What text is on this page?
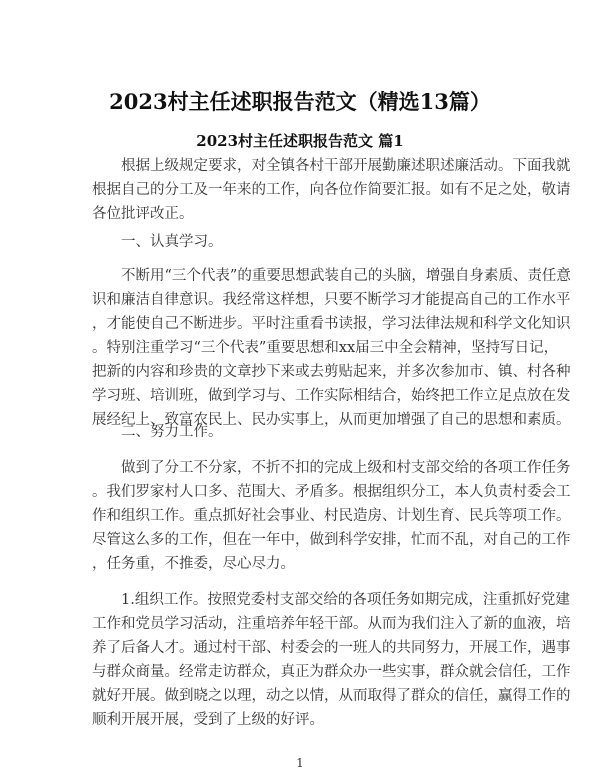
2023村主任述职报告范文（精选13篇）
2023村主任述职报告范文 篇1
根据上级规定要求，对全镇各村干部开展勤廉述职述廉活动。下面我就
根据自己的分工及一年来的工作，向各位作简要汇报。如有不足之处，敬请
各位批评改正。
一、认真学习。
不断用“三个代表”的重要思想武装自己的头脑，增强自身素质、责任意
识和廉洁自律意识。我经常这样想，只要不断学习才能提高自己的工作水平
，才能使自己不断进步。平时注重看书读报，学习法律法规和科学文化知识
。特别注重学习“三个代表”重要思想和xx届三中全会精神，坚持写日记，
把新的内容和珍贵的文章抄下来或去剪贴起来，并多次参加市、镇、村各种
学习班、培训班，做到学习与、工作实际相结合，始终把工作立足点放在发
展经纪上、致富农民上、民办实事上，从而更加增强了自己的思想和素质。
二、努力工作。
做到了分工不分家，不折不扣的完成上级和村支部交给的各项工作任务
。我们罗家村人口多、范围大、矛盾多。根据组织分工，本人负责村委会工
作和组织工作。重点抓好社会事业、村民造房、计划生育、民兵等项工作。
尽管这么多的工作，但在一年中，做到科学安排，忙而不乱，对自己的工作
，任务重，不推委，尽心尽力。
1.组织工作。按照党委村支部交给的各项任务如期完成，注重抓好党建
工作和党员学习活动，注重培养年轻干部。从而为我们注入了新的血液，培
养了后备人才。通过村干部、村委会的一班人的共同努力，开展工作，遇事
与群众商量。经常走访群众，真正为群众办一些实事，群众就会信任，工作
就好开展。做到晓之以理，动之以情，从而取得了群众的信任，赢得工作的
顺利开展开展，受到了上级的好评。
1
